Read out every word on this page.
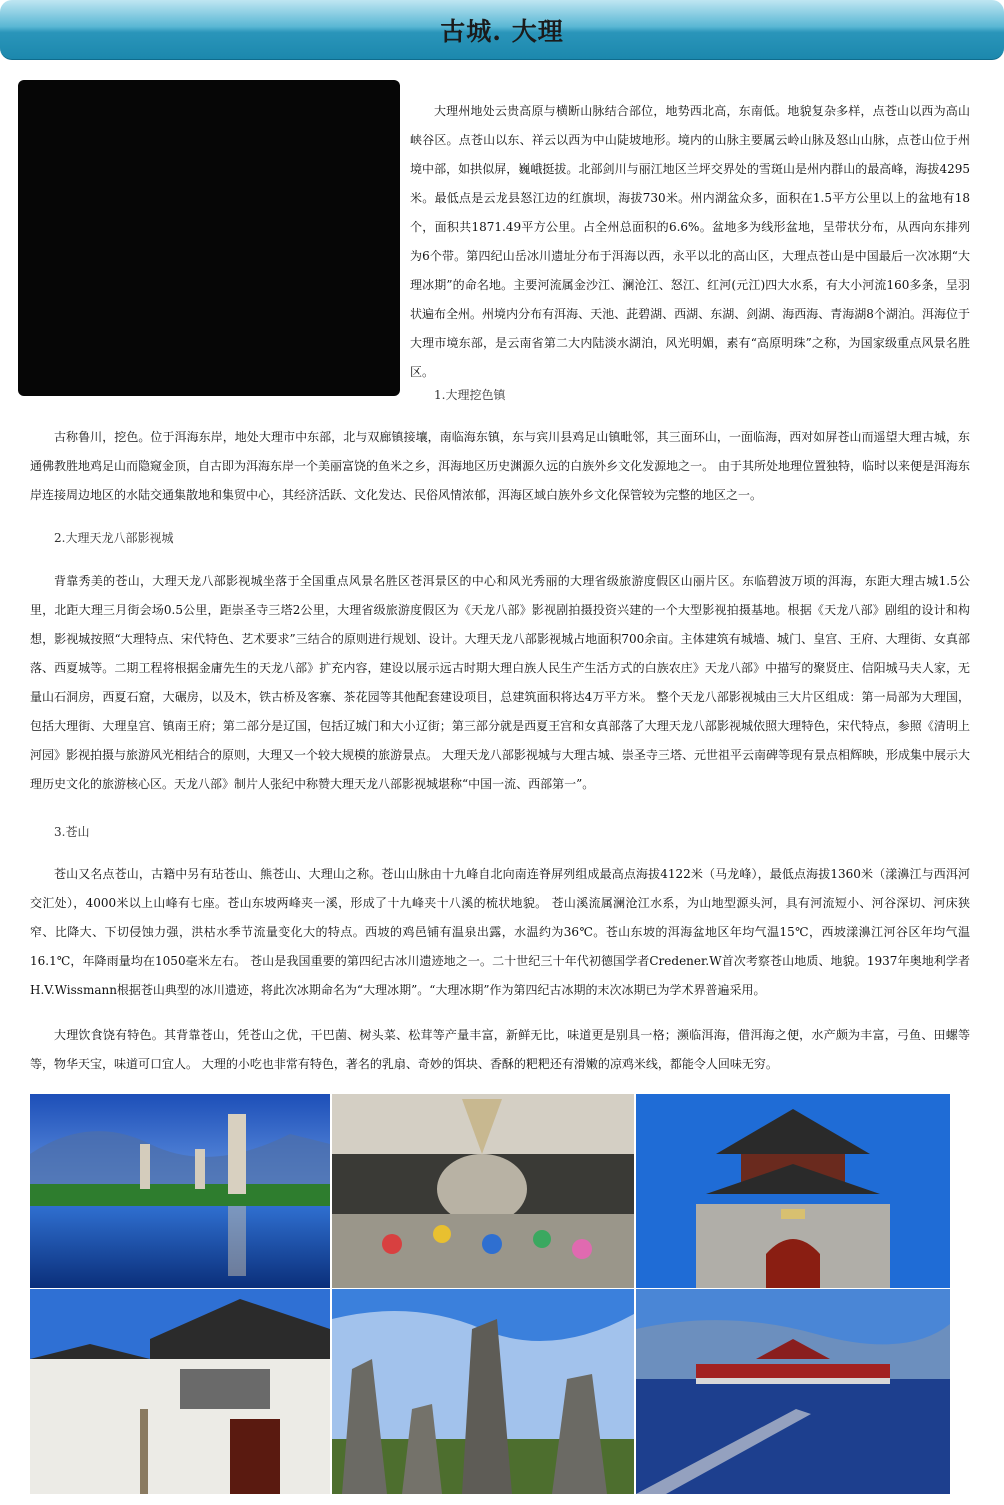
古城. 大理

大理州地处云贵高原与横断山脉结合部位，地势西北高，东南低。地貌复杂多样，点苍山以西为高山峡谷区。点苍山以东、祥云以西为中山陡坡地形。境内的山脉主要属云岭山脉及怒山山脉，点苍山位于州境中部，如拱似屏，巍峨挺拔。北部剑川与丽江地区兰坪交界处的雪斑山是州内群山的最高峰，海拔4295米。最低点是云龙县怒江边的红旗坝，海拔730米。州内湖盆众多，面积在1.5平方公里以上的盆地有18个，面积共1871.49平方公里。占全州总面积的6.6%。盆地多为线形盆地，呈带状分布，从西向东排列为6个带。第四纪山岳冰川遗址分布于洱海以西，永平以北的高山区，大理点苍山是中国最后一次冰期“大理冰期”的命名地。主要河流属金沙江、澜沧江、怒江、红河(元江)四大水系，有大小河流160多条，呈羽状遍布全州。州境内分布有洱海、天池、茈碧湖、西湖、东湖、剑湖、海西海、青海湖8个湖泊。洱海位于大理市境东部，是云南省第二大内陆淡水湖泊，风光明媚，素有“高原明珠”之称，为国家级重点风景名胜区。

1.大理挖色镇

古称鲁川，挖色。位于洱海东岸，地处大理市中东部，北与双廊镇接壤，南临海东镇，东与宾川县鸡足山镇毗邻，其三面环山，一面临海，西对如屏苍山而遥望大理古城，东通佛教胜地鸡足山而隐窥金顶，自古即为洱海东岸一个美丽富饶的鱼米之乡，洱海地区历史渊源久远的白族外乡文化发源地之一。 由于其所处地理位置独特，临时以来便是洱海东岸连接周边地区的水陆交通集散地和集贸中心，其经济活跃、文化发达、民俗风情浓郁，洱海区域白族外乡文化保管较为完整的地区之一。

2.大理天龙八部影视城

背靠秀美的苍山，大理天龙八部影视城坐落于全国重点风景名胜区苍洱景区的中心和风光秀丽的大理省级旅游度假区山丽片区。东临碧波万顷的洱海，东距大理古城1.5公里，北距大理三月街会场0.5公里，距崇圣寺三塔2公里，大理省级旅游度假区为《天龙八部》影视剧拍摄投资兴建的一个大型影视拍摄基地。根据《天龙八部》剧组的设计和构想，影视城按照“大理特点、宋代特色、艺术要求”三结合的原则进行规划、设计。大理天龙八部影视城占地面积700余亩。主体建筑有城墙、城门、皇宫、王府、大理街、女真部落、西夏城等。二期工程将根据金庸先生的天龙八部》扩充内容，建设以展示远古时期大理白族人民生产生活方式的白族农庄》天龙八部》中描写的聚贤庄、信阳城马夫人家，无量山石洞房，西夏石窟，大碾房，以及木，铁古桥及客寨、茶花园等其他配套建设项目，总建筑面积将达4万平方米。 整个天龙八部影视城由三大片区组成：第一局部为大理国，包括大理街、大理皇宫、镇南王府；第二部分是辽国，包括辽城门和大小辽街；第三部分就是西夏王宫和女真部落了大理天龙八部影视城依照大理特色，宋代特点，参照《清明上河园》影视拍摄与旅游风光相结合的原则，大理又一个较大规模的旅游景点。 大理天龙八部影视城与大理古城、崇圣寺三塔、元世祖平云南碑等现有景点相辉映，形成集中展示大理历史文化的旅游核心区。天龙八部》制片人张纪中称赞大理天龙八部影视城堪称“中国一流、西部第一”。

3.苍山

苍山又名点苍山，古籍中另有玷苍山、熊苍山、大理山之称。苍山山脉由十九峰自北向南连脊屏列组成最高点海拔4122米（马龙峰），最低点海拔1360米（漾濞江与西洱河交汇处），4000米以上山峰有七座。苍山东坡两峰夹一溪，形成了十九峰夹十八溪的梳状地貌。 苍山溪流属澜沧江水系，为山地型源头河，具有河流短小、河谷深切、河床狭窄、比降大、下切侵蚀力强，洪枯水季节流量变化大的特点。西坡的鸡邑铺有温泉出露，水温约为36℃。苍山东坡的洱海盆地区年均气温15℃，西坡漾濞江河谷区年均气温16.1℃，年降雨量均在1050毫米左右。 苍山是我国重要的第四纪古冰川遗迹地之一。二十世纪三十年代初德国学者Credener.W首次考察苍山地质、地貌。1937年奥地利学者H.V.Wissmann根据苍山典型的冰川遗迹，将此次冰期命名为“大理冰期”。“大理冰期”作为第四纪古冰期的末次冰期已为学术界普遍采用。

大理饮食饶有特色。其背靠苍山，凭苍山之优，干巴菌、树头菜、松茸等产量丰富，新鲜无比，味道更是别具一格；濒临洱海，借洱海之便，水产颇为丰富，弓鱼、田螺等等，物华天宝，味道可口宜人。 大理的小吃也非常有特色，著名的乳扇、奇妙的饵块、香酥的粑粑还有滑嫩的凉鸡米线，都能令人回味无穷。
